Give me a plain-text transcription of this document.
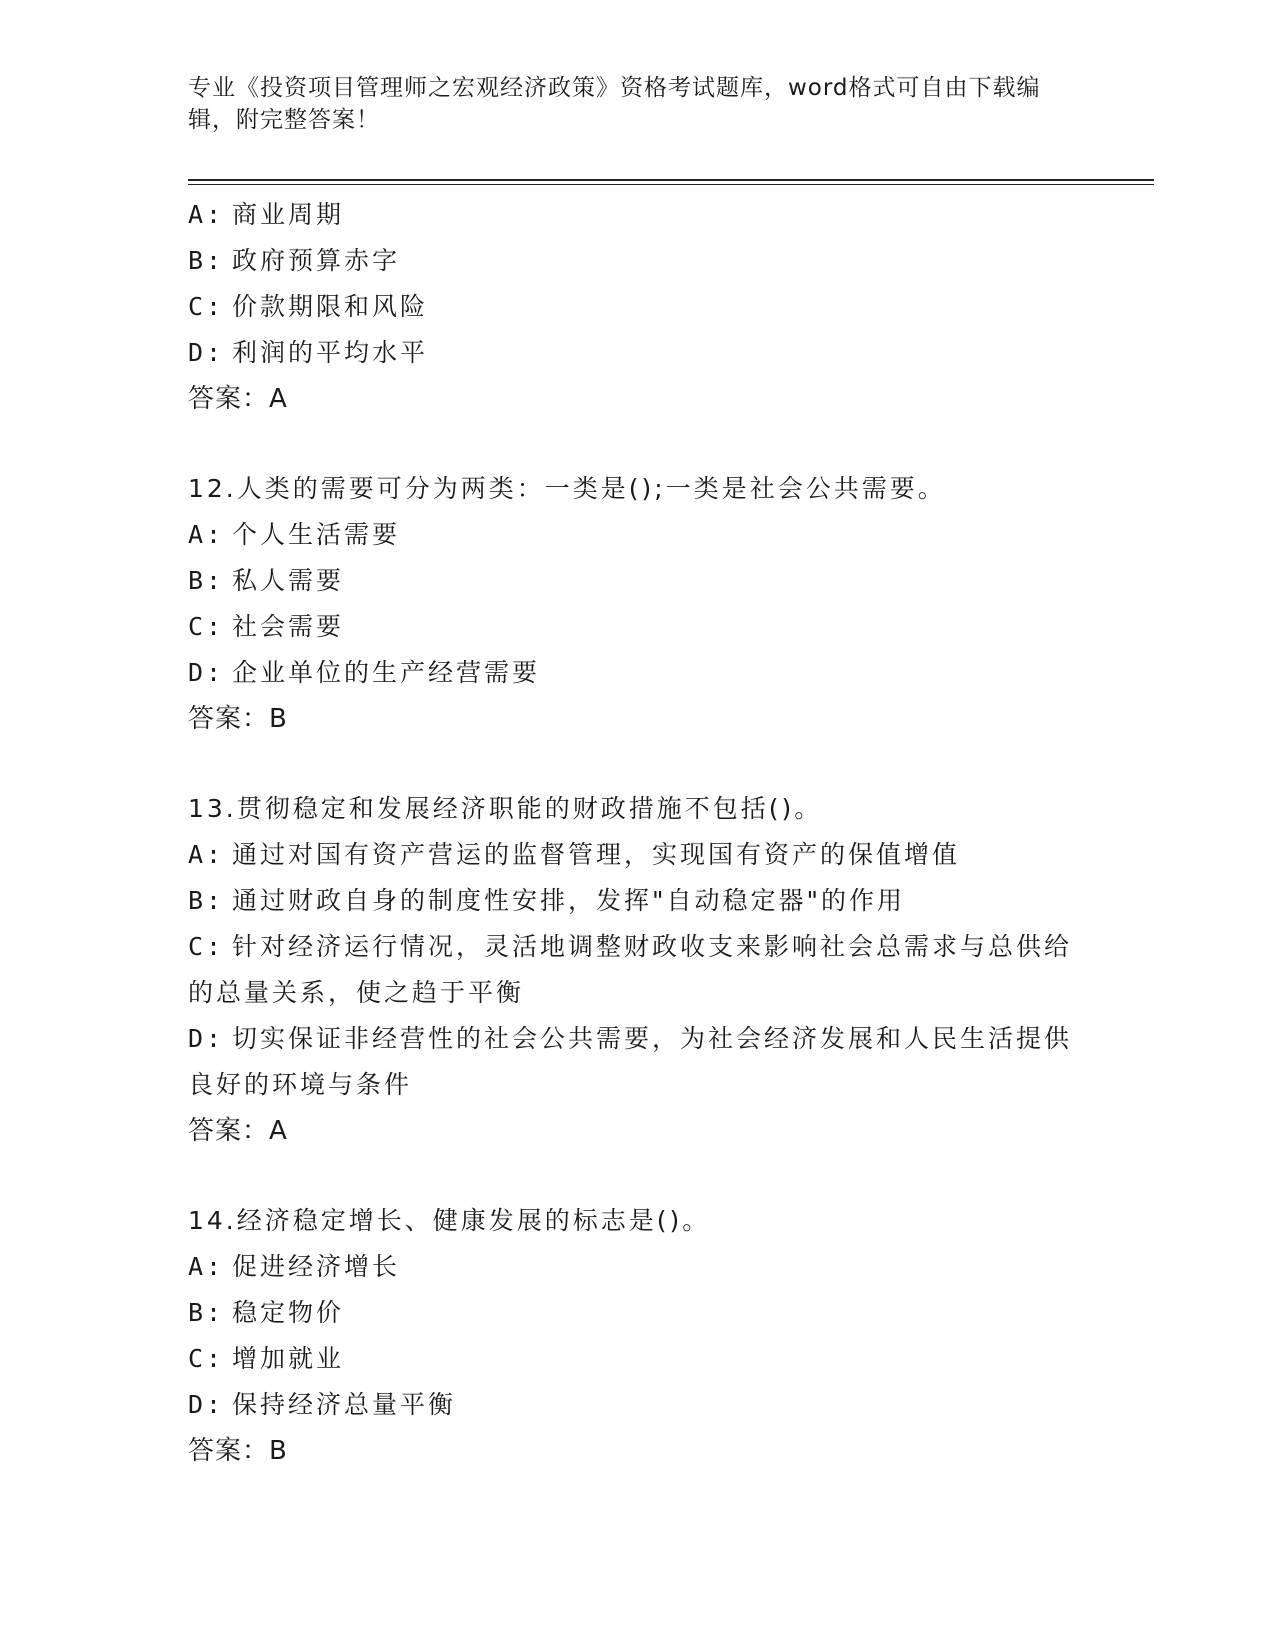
专业《投资项目管理师之宏观经济政策》资格考试题库，word格式可自由下载编辑，附完整答案！
A: 商业周期
B: 政府预算赤字
C: 价款期限和风险
D: 利润的平均水平
答案：A
12.人类的需要可分为两类：一类是();一类是社会公共需要。
A: 个人生活需要
B: 私人需要
C: 社会需要
D: 企业单位的生产经营需要
答案：B
13.贯彻稳定和发展经济职能的财政措施不包括()。
A: 通过对国有资产营运的监督管理，实现国有资产的保值增值
B: 通过财政自身的制度性安排，发挥"自动稳定器"的作用
C: 针对经济运行情况，灵活地调整财政收支来影响社会总需求与总供给的总量关系，使之趋于平衡
D: 切实保证非经营性的社会公共需要，为社会经济发展和人民生活提供良好的环境与条件
答案：A
14.经济稳定增长、健康发展的标志是()。
A: 促进经济增长
B: 稳定物价
C: 增加就业
D: 保持经济总量平衡
答案：B
